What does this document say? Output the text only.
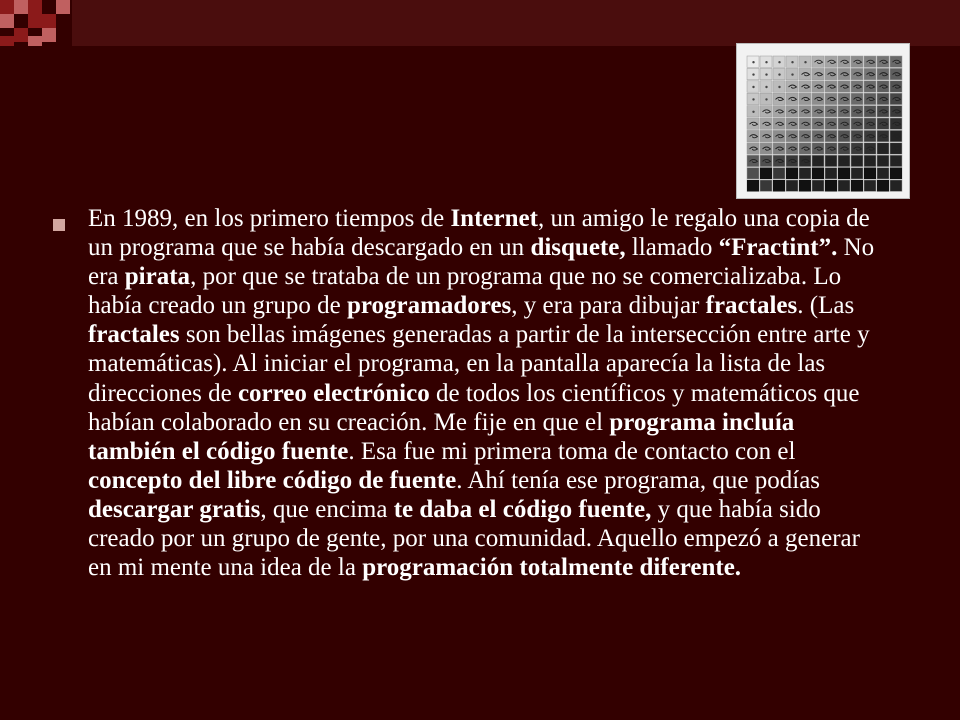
En 1989, en los primero tiempos de Internet, un amigo le regalo una copia de un programa que se había descargado en un disquete, llamado “Fractint”. No era pirata, por que se trataba de un programa que no se comercializaba. Lo había creado un grupo de programadores, y era para dibujar fractales. (Las fractales son bellas imágenes generadas a partir de la intersección entre arte y matemáticas). Al iniciar el programa, en la pantalla aparecía la lista de las direcciones de correo electrónico de todos los científicos y matemáticos que habían colaborado en su creación. Me fije en que el programa incluía también el código fuente. Esa fue mi primera toma de contacto con el concepto del libre código de fuente. Ahí tenía ese programa, que podías descargar gratis, que encima te daba el código fuente, y que había sido creado por un grupo de gente, por una comunidad. Aquello empezó a generar en mi mente una idea de la programación totalmente diferente.
